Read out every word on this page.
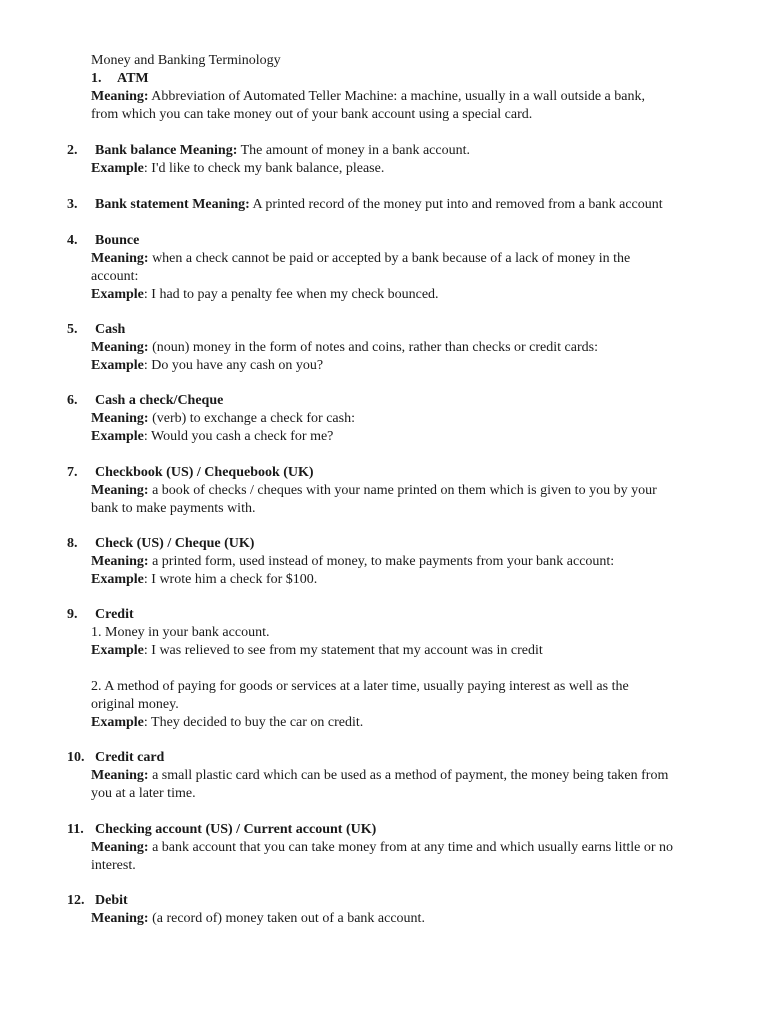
Money and Banking Terminology
1. ATM
Meaning: Abbreviation of Automated Teller Machine: a machine, usually in a wall outside a bank,
from which you can take money out of your bank account using a special card.
2. Bank balance Meaning: The amount of money in a bank account.
Example: I'd like to check my bank balance, please.
3. Bank statement Meaning: A printed record of the money put into and removed from a bank account
4. Bounce
Meaning: when a check cannot be paid or accepted by a bank because of a lack of money in the
account:
Example: I had to pay a penalty fee when my check bounced.
5. Cash
Meaning: (noun) money in the form of notes and coins, rather than checks or credit cards:
Example: Do you have any cash on you?
6. Cash a check/Cheque
Meaning: (verb) to exchange a check for cash:
Example: Would you cash a check for me?
7. Checkbook (US) / Chequebook (UK)
Meaning: a book of checks / cheques with your name printed on them which is given to you by your
bank to make payments with.
8. Check (US) / Cheque (UK)
Meaning: a printed form, used instead of money, to make payments from your bank account:
Example: I wrote him a check for $100.
9. Credit
1. Money in your bank account.
Example: I was relieved to see from my statement that my account was in credit

2. A method of paying for goods or services at a later time, usually paying interest as well as the
original money.
Example: They decided to buy the car on credit.
10. Credit card
Meaning: a small plastic card which can be used as a method of payment, the money being taken from
you at a later time.
11. Checking account (US) / Current account (UK)
Meaning: a bank account that you can take money from at any time and which usually earns little or no
interest.
12. Debit
Meaning: (a record of) money taken out of a bank account.
